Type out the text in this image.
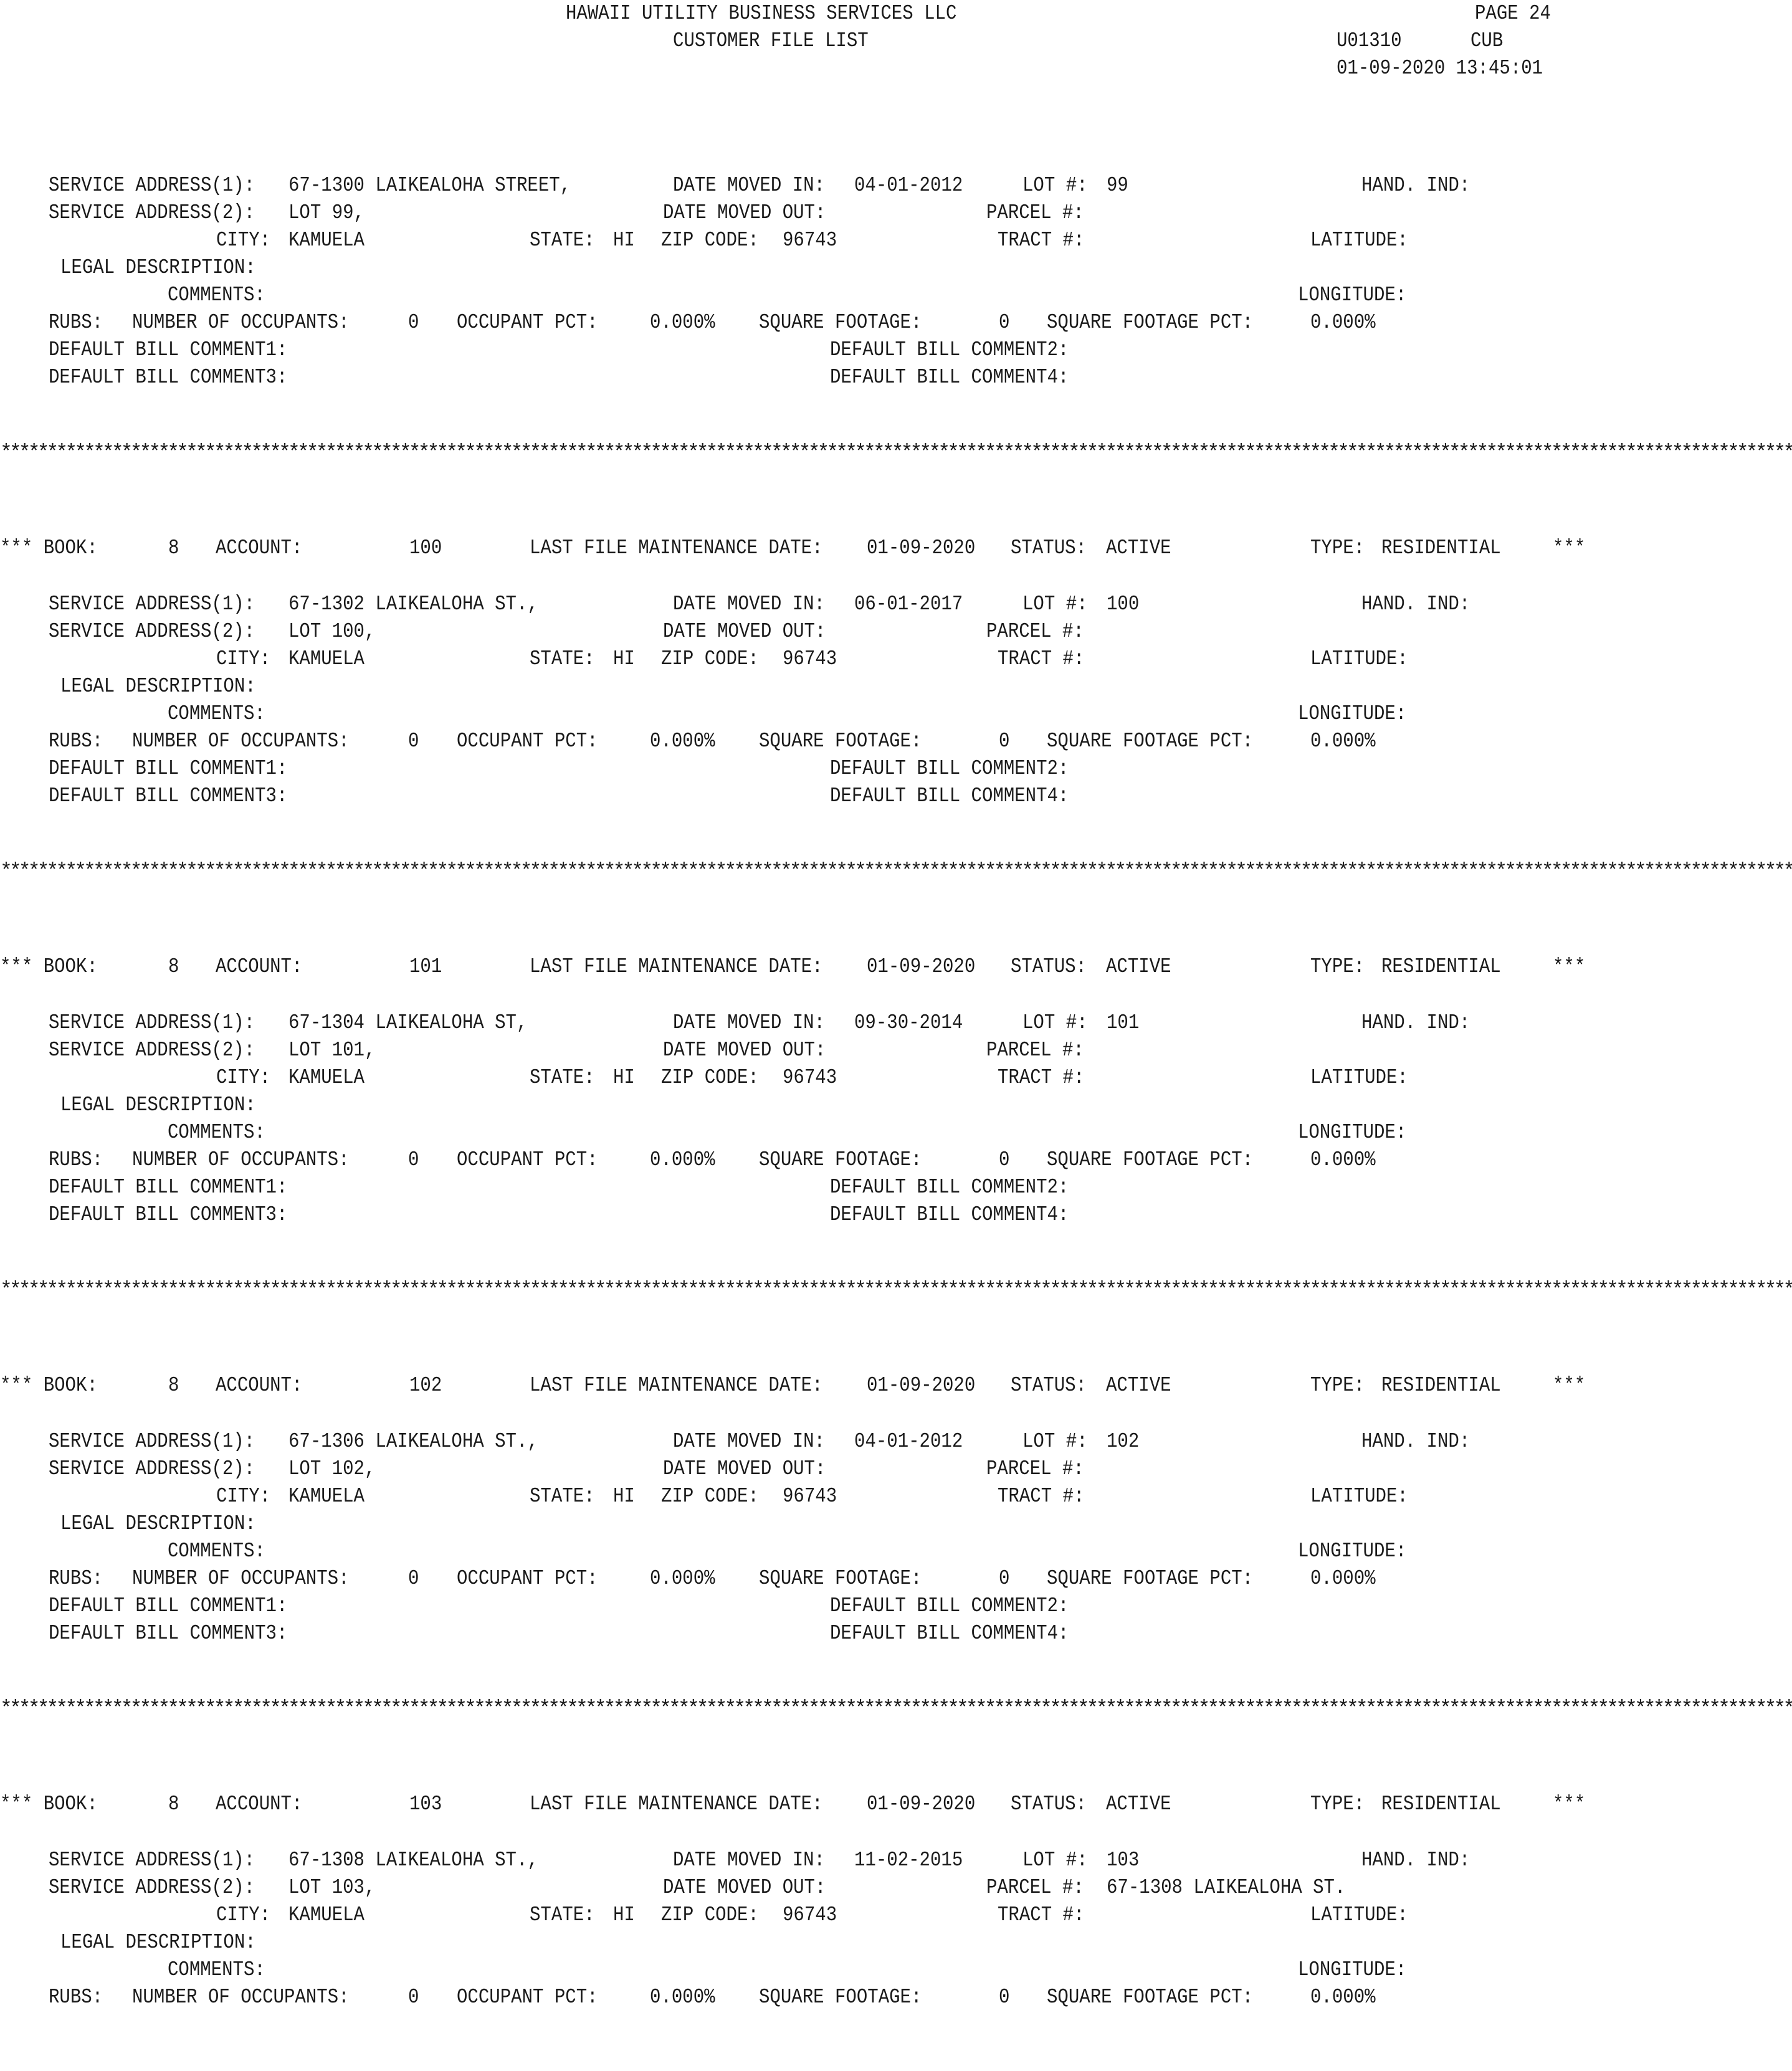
HAWAII UTILITY BUSINESS SERVICES LLC
CUSTOMER FILE LIST
PAGE 24
U01310	CUB
01-09-2020 13:45:01
SERVICE ADDRESS(1): 67-1300 LAIKEALOHA STREET,	DATE MOVED IN: 04-01-2012	LOT #: 99	HAND. IND:
SERVICE ADDRESS(2): LOT 99,	DATE MOVED OUT:	PARCEL #:
CITY: KAMUELA	STATE: HI ZIP CODE: 96743	TRACT #:	LATITUDE:
LEGAL DESCRIPTION:
COMMENTS:	LONGITUDE:
RUBS: NUMBER OF OCCUPANTS:	0 OCCUPANT PCT:	0.000% SQUARE FOOTAGE:	0 SQUARE FOOTAGE PCT:	0.000%
DEFAULT BILL COMMENT1:	DEFAULT BILL COMMENT2:
DEFAULT BILL COMMENT3:	DEFAULT BILL COMMENT4:
*** BOOK:	8 ACCOUNT:	100	LAST FILE MAINTENANCE DATE: 01-09-2020 STATUS: ACTIVE	TYPE: RESIDENTIAL	***
SERVICE ADDRESS(1): 67-1302 LAIKEALOHA ST.,	DATE MOVED IN: 06-01-2017	LOT #: 100	HAND. IND:
SERVICE ADDRESS(2): LOT 100,	DATE MOVED OUT:	PARCEL #:
CITY: KAMUELA	STATE: HI ZIP CODE: 96743	TRACT #:	LATITUDE:
LEGAL DESCRIPTION:
COMMENTS:	LONGITUDE:
RUBS: NUMBER OF OCCUPANTS:	0 OCCUPANT PCT:	0.000% SQUARE FOOTAGE:	0 SQUARE FOOTAGE PCT:	0.000%
DEFAULT BILL COMMENT1:	DEFAULT BILL COMMENT2:
DEFAULT BILL COMMENT3:	DEFAULT BILL COMMENT4:
*** BOOK:	8 ACCOUNT:	101	LAST FILE MAINTENANCE DATE: 01-09-2020 STATUS: ACTIVE	TYPE: RESIDENTIAL	***
SERVICE ADDRESS(1): 67-1304 LAIKEALOHA ST,	DATE MOVED IN: 09-30-2014	LOT #: 101	HAND. IND:
SERVICE ADDRESS(2): LOT 101,	DATE MOVED OUT:	PARCEL #:
CITY: KAMUELA	STATE: HI ZIP CODE: 96743	TRACT #:	LATITUDE:
LEGAL DESCRIPTION:
COMMENTS:	LONGITUDE:
RUBS: NUMBER OF OCCUPANTS:	0 OCCUPANT PCT:	0.000% SQUARE FOOTAGE:	0 SQUARE FOOTAGE PCT:	0.000%
DEFAULT BILL COMMENT1:	DEFAULT BILL COMMENT2:
DEFAULT BILL COMMENT3:	DEFAULT BILL COMMENT4:
*** BOOK:	8 ACCOUNT:	102	LAST FILE MAINTENANCE DATE: 01-09-2020 STATUS: ACTIVE	TYPE: RESIDENTIAL	***
SERVICE ADDRESS(1): 67-1306 LAIKEALOHA ST.,	DATE MOVED IN: 04-01-2012	LOT #: 102	HAND. IND:
SERVICE ADDRESS(2): LOT 102,	DATE MOVED OUT:	PARCEL #:
CITY: KAMUELA	STATE: HI ZIP CODE: 96743	TRACT #:	LATITUDE:
LEGAL DESCRIPTION:
COMMENTS:	LONGITUDE:
RUBS: NUMBER OF OCCUPANTS:	0 OCCUPANT PCT:	0.000% SQUARE FOOTAGE:	0 SQUARE FOOTAGE PCT:	0.000%
DEFAULT BILL COMMENT1:	DEFAULT BILL COMMENT2:
DEFAULT BILL COMMENT3:	DEFAULT BILL COMMENT4:
*** BOOK:	8 ACCOUNT:	103	LAST FILE MAINTENANCE DATE: 01-09-2020 STATUS: ACTIVE	TYPE: RESIDENTIAL	***
SERVICE ADDRESS(1): 67-1308 LAIKEALOHA ST.,	DATE MOVED IN: 11-02-2015	LOT #: 103	HAND. IND:
SERVICE ADDRESS(2): LOT 103,	DATE MOVED OUT:	PARCEL #: 67-1308 LAIKEALOHA ST.
CITY: KAMUELA	STATE: HI ZIP CODE: 96743	TRACT #:	LATITUDE:
LEGAL DESCRIPTION:
COMMENTS:	LONGITUDE:
RUBS: NUMBER OF OCCUPANTS:	0 OCCUPANT PCT:	0.000% SQUARE FOOTAGE:	0 SQUARE FOOTAGE PCT:	0.000%
*************************************************************************************************************************************************************************************************
*************************************************************************************************************************************************************************************************
*************************************************************************************************************************************************************************************************
*************************************************************************************************************************************************************************************************
